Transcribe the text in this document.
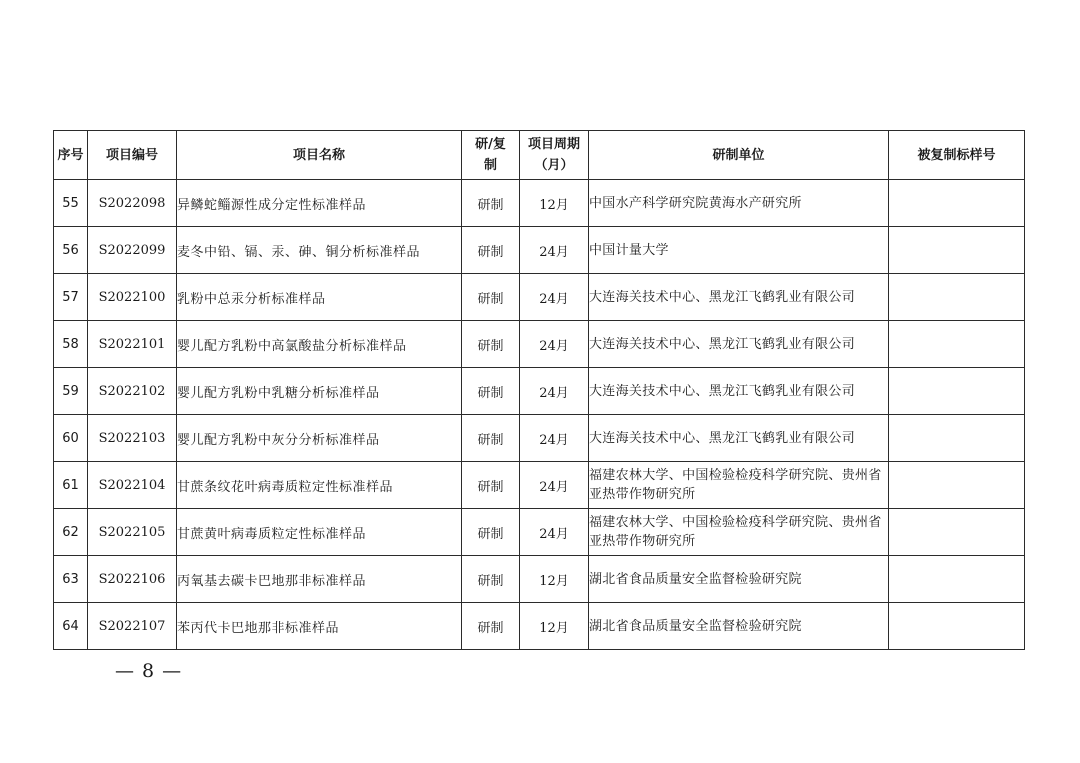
序号	项目编号	项目名称	研/复制	项目周期（月）	研制单位	被复制标样号
55	S2022098	异鳞蛇鲻源性成分定性标准样品	研制	12月	中国水产科学研究院黄海水产研究所	
56	S2022099	麦冬中铅、镉、汞、砷、铜分析标准样品	研制	24月	中国计量大学	
57	S2022100	乳粉中总汞分析标准样品	研制	24月	大连海关技术中心、黑龙江飞鹤乳业有限公司	
58	S2022101	婴儿配方乳粉中高氯酸盐分析标准样品	研制	24月	大连海关技术中心、黑龙江飞鹤乳业有限公司	
59	S2022102	婴儿配方乳粉中乳糖分析标准样品	研制	24月	大连海关技术中心、黑龙江飞鹤乳业有限公司	
60	S2022103	婴儿配方乳粉中灰分分析标准样品	研制	24月	大连海关技术中心、黑龙江飞鹤乳业有限公司	
61	S2022104	甘蔗条纹花叶病毒质粒定性标准样品	研制	24月	福建农林大学、中国检验检疫科学研究院、贵州省亚热带作物研究所	
62	S2022105	甘蔗黄叶病毒质粒定性标准样品	研制	24月	福建农林大学、中国检验检疫科学研究院、贵州省亚热带作物研究所	
63	S2022106	丙氧基去碳卡巴地那非标准样品	研制	12月	湖北省食品质量安全监督检验研究院	
64	S2022107	苯丙代卡巴地那非标准样品	研制	12月	湖北省食品质量安全监督检验研究院	
— 8 —
